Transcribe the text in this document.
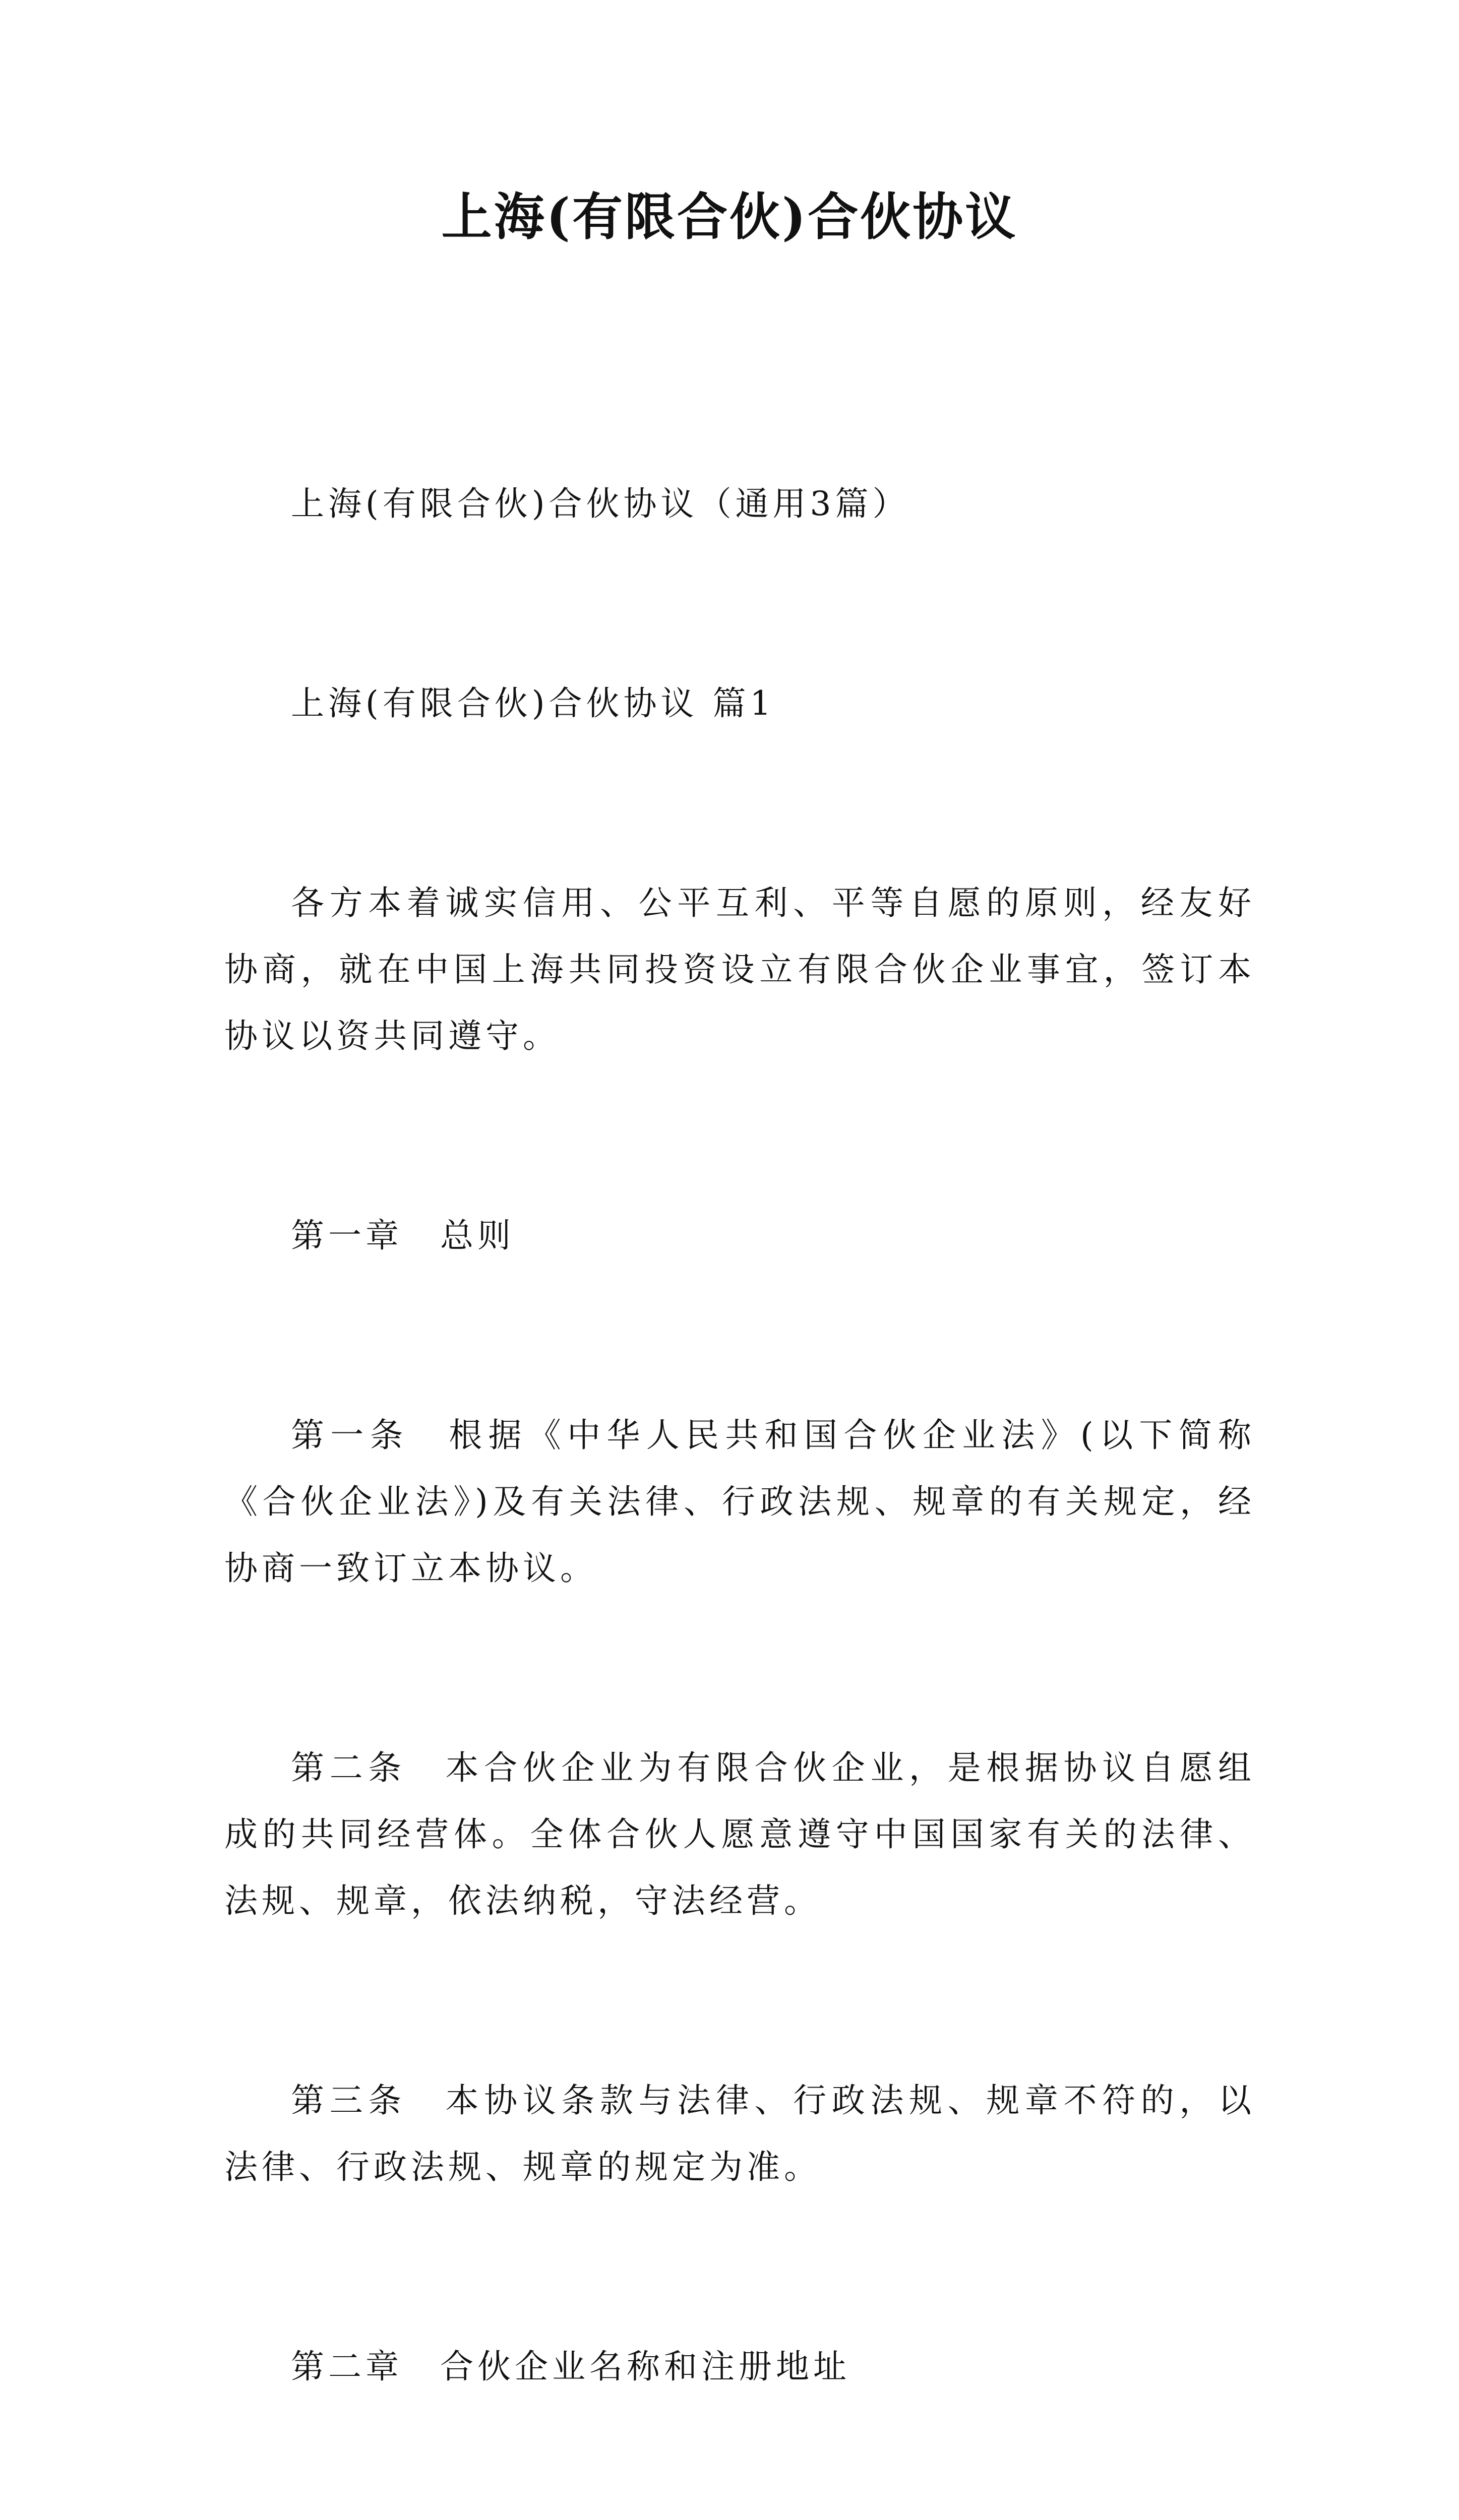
上海(有限合伙)合伙协议

上海(有限合伙)合伙协议（通用3篇）

上海(有限合伙)合伙协议 篇1

各方本着诚实信用、公平互利、平等自愿的原则，经友好协商，就在中国上海共同投资设立有限合伙企业事宜，签订本协议以资共同遵守。

第一章　总则

第一条　根据《中华人民共和国合伙企业法》(以下简称《合伙企业法》)及有关法律、行政法规、规章的有关规定，经协商一致订立本协议。

第二条　本合伙企业为有限合伙企业，是根据协议自愿组成的共同经营体。全体合伙人愿意遵守中国国家有关的法律、法规、规章，依法纳税，守法经营。

第三条　本协议条款与法律、行政法规、规章不符的，以法律、行政法规、规章的规定为准。

第二章　合伙企业名称和注册地址
